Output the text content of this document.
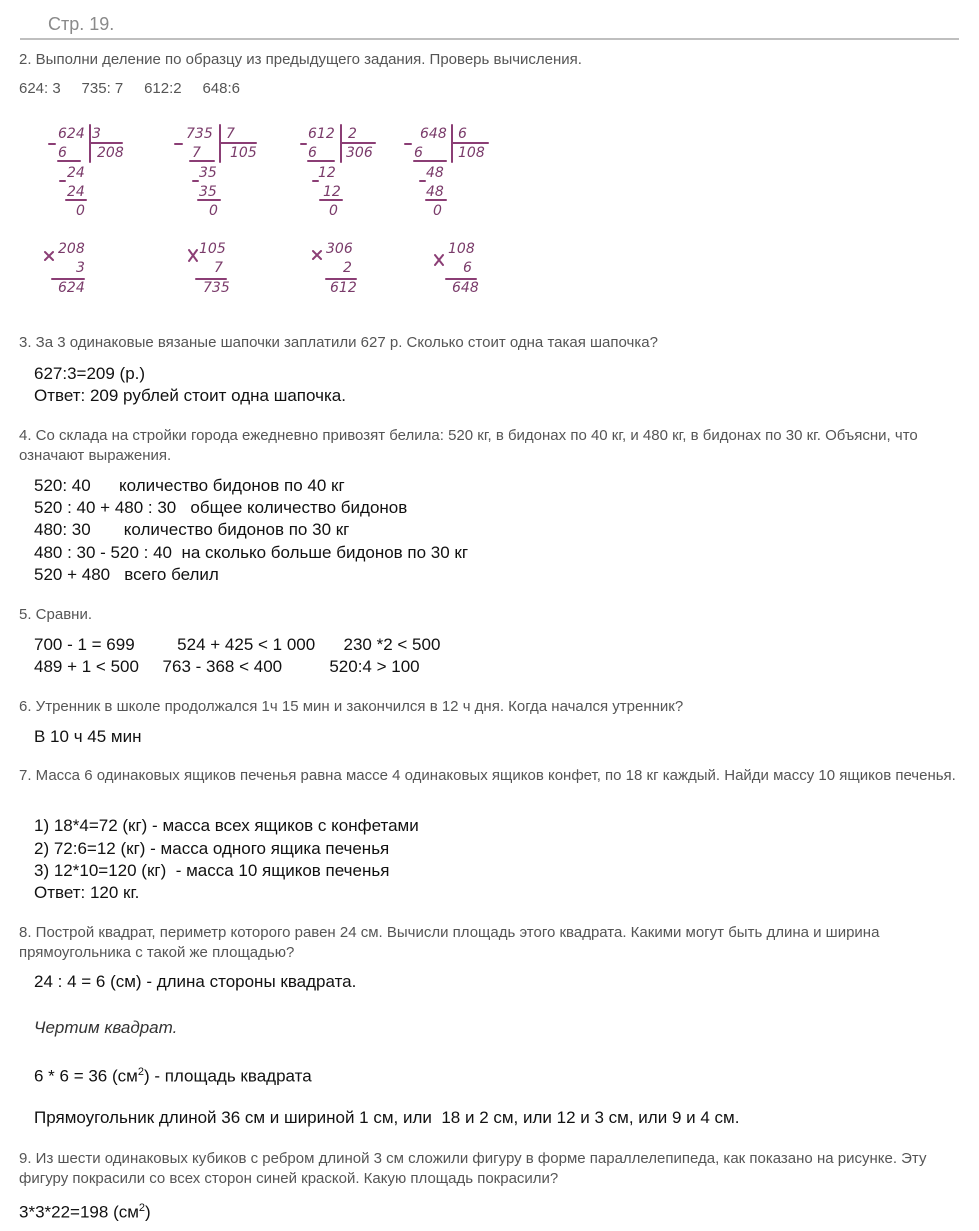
Стр. 19.
2. Выполни деление по образцу из предыдущего задания. Проверь вычисления.
624: 3     735: 7     612:2     648:6
624 3
208
6
24
24
0
735 7
105
7
35
35
0
612 2
306
6
12
12
0
648 6
108
6
48
48
0
208
3
624
105
7
735
306
2
612
108
6
648
3. За 3 одинаковые вязаные шапочки заплатили 627 р. Сколько стоит одна такая шапочка?
627:3=209 (р.)
Ответ: 209 рублей стоит одна шапочка.
4. Со склада на стройки города ежедневно привозят белила: 520 кг, в бидонах по 40 кг, и 480 кг, в бидонах по 30 кг. Объясни, что означают выражения.
520: 40      количество бидонов по 40 кг
520 : 40 + 480 : 30   общее количество бидонов
480: 30       количество бидонов по 30 кг
480 : 30 - 520 : 40  на сколько больше бидонов по 30 кг
520 + 480   всего белил
5. Сравни.
700 - 1 = 699         524 + 425 < 1 000      230 *2 < 500
489 + 1 < 500     763 - 368 < 400          520:4 > 100
6. Утренник в школе продолжался 1ч 15 мин и закончился в 12 ч дня. Когда начался утренник?
В 10 ч 45 мин
7. Масса 6 одинаковых ящиков печенья равна массе 4 одинаковых ящиков конфет, по 18 кг каждый. Найди массу 10 ящиков печенья.
1) 18*4=72 (кг) - масса всех ящиков с конфетами
2) 72:6=12 (кг) - масса одного ящика печенья
3) 12*10=120 (кг)  - масса 10 ящиков печенья
Ответ: 120 кг.
8. Построй квадрат, периметр которого равен 24 см. Вычисли площадь этого квадрата. Какими могут быть длина и ширина прямоугольника с такой же площадью?
24 : 4 = 6 (см) - длина стороны квадрата.
Чертим квадрат.
6 * 6 = 36 $(см^2)$ - площадь квадрата
Прямоугольник длиной 36 см и шириной 1 см, или  18 и 2 см, или 12 и 3 см, или 9 и 4 см.
9. Из шести одинаковых кубиков с ребром длиной 3 см сложили фигуру в форме параллелепипеда, как показано на рисунке. Эту фигуру покрасили со всех сторон синей краской. Какую площадь покрасили?
3*3*22=198 $(см^2)$
